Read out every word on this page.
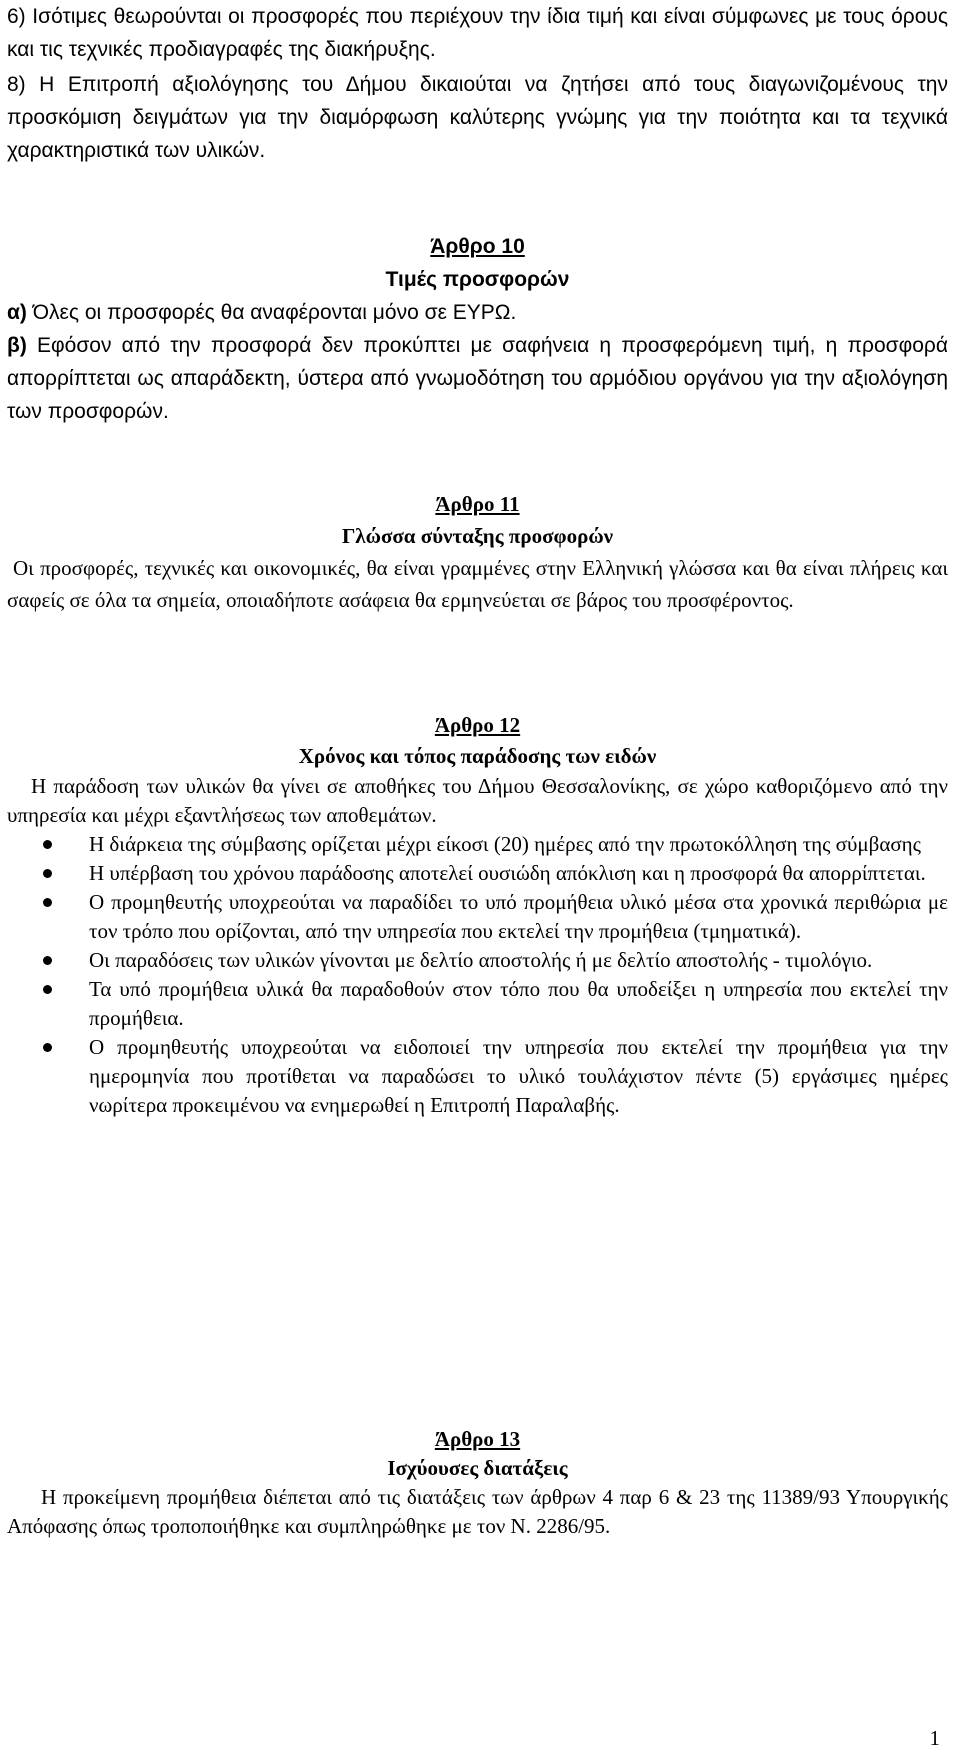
6) Ισότιμες θεωρούνται οι προσφορές που περιέχουν την ίδια τιμή και είναι σύμφωνες με τους όρους και τις τεχνικές προδιαγραφές της διακήρυξης.

8) Η Επιτροπή αξιολόγησης του Δήμου δικαιούται να ζητήσει από τους διαγωνιζομένους την προσκόμιση δειγμάτων για την διαμόρφωση καλύτερης γνώμης για την ποιότητα και τα τεχνικά χαρακτηριστικά των υλικών.

Άρθρο 10
Τιμές προσφορών

α) Όλες οι προσφορές θα αναφέρονται μόνο σε ΕΥΡΩ.

β) Εφόσον από την προσφορά δεν προκύπτει με σαφήνεια η προσφερόμενη τιμή, η προσφορά απορρίπτεται ως απαράδεκτη, ύστερα από γνωμοδότηση του αρμόδιου οργάνου για την αξιολόγηση των προσφορών.

Άρθρο 11
Γλώσσα σύνταξης προσφορών

Οι προσφορές, τεχνικές και οικονομικές, θα είναι γραμμένες στην Ελληνική γλώσσα και θα είναι πλήρεις και σαφείς σε όλα τα σημεία, οποιαδήποτε ασάφεια θα ερμηνεύεται σε βάρος του προσφέροντος.

Άρθρο 12
Χρόνος και τόπος παράδοσης των ειδών

Η παράδοση των υλικών θα γίνει σε αποθήκες του Δήμου Θεσσαλονίκης, σε χώρο καθοριζόμενο από την υπηρεσία και μέχρι εξαντλήσεως των αποθεμάτων.

Η διάρκεια της σύμβασης ορίζεται μέχρι είκοσι (20) ημέρες από την πρωτοκόλληση της σύμβασης
Η υπέρβαση του χρόνου παράδοσης αποτελεί ουσιώδη απόκλιση και η προσφορά θα απορρίπτεται.
Ο προμηθευτής υποχρεούται να παραδίδει το υπό προμήθεια υλικό μέσα στα χρονικά περιθώρια με τον τρόπο που ορίζονται, από την υπηρεσία που εκτελεί την προμήθεια (τμηματικά).
Οι παραδόσεις των υλικών γίνονται με δελτίο αποστολής ή με δελτίο αποστολής - τιμολόγιο.
Τα υπό προμήθεια υλικά θα παραδοθούν στον τόπο που θα υποδείξει η υπηρεσία που εκτελεί την προμήθεια.
Ο προμηθευτής υποχρεούται να ειδοποιεί την υπηρεσία που εκτελεί την προμήθεια για την ημερομηνία που προτίθεται να παραδώσει το υλικό τουλάχιστον πέντε (5) εργάσιμες ημέρες νωρίτερα προκειμένου να ενημερωθεί η Επιτροπή Παραλαβής.
Άρθρο 13
Ισχύουσες διατάξεις

Η προκείμενη προμήθεια διέπεται από τις διατάξεις των άρθρων 4 παρ 6 & 23 της 11389/93 Υπουργικής Απόφασης όπως τροποποιήθηκε και συμπληρώθηκε με τον Ν. 2286/95.

1
